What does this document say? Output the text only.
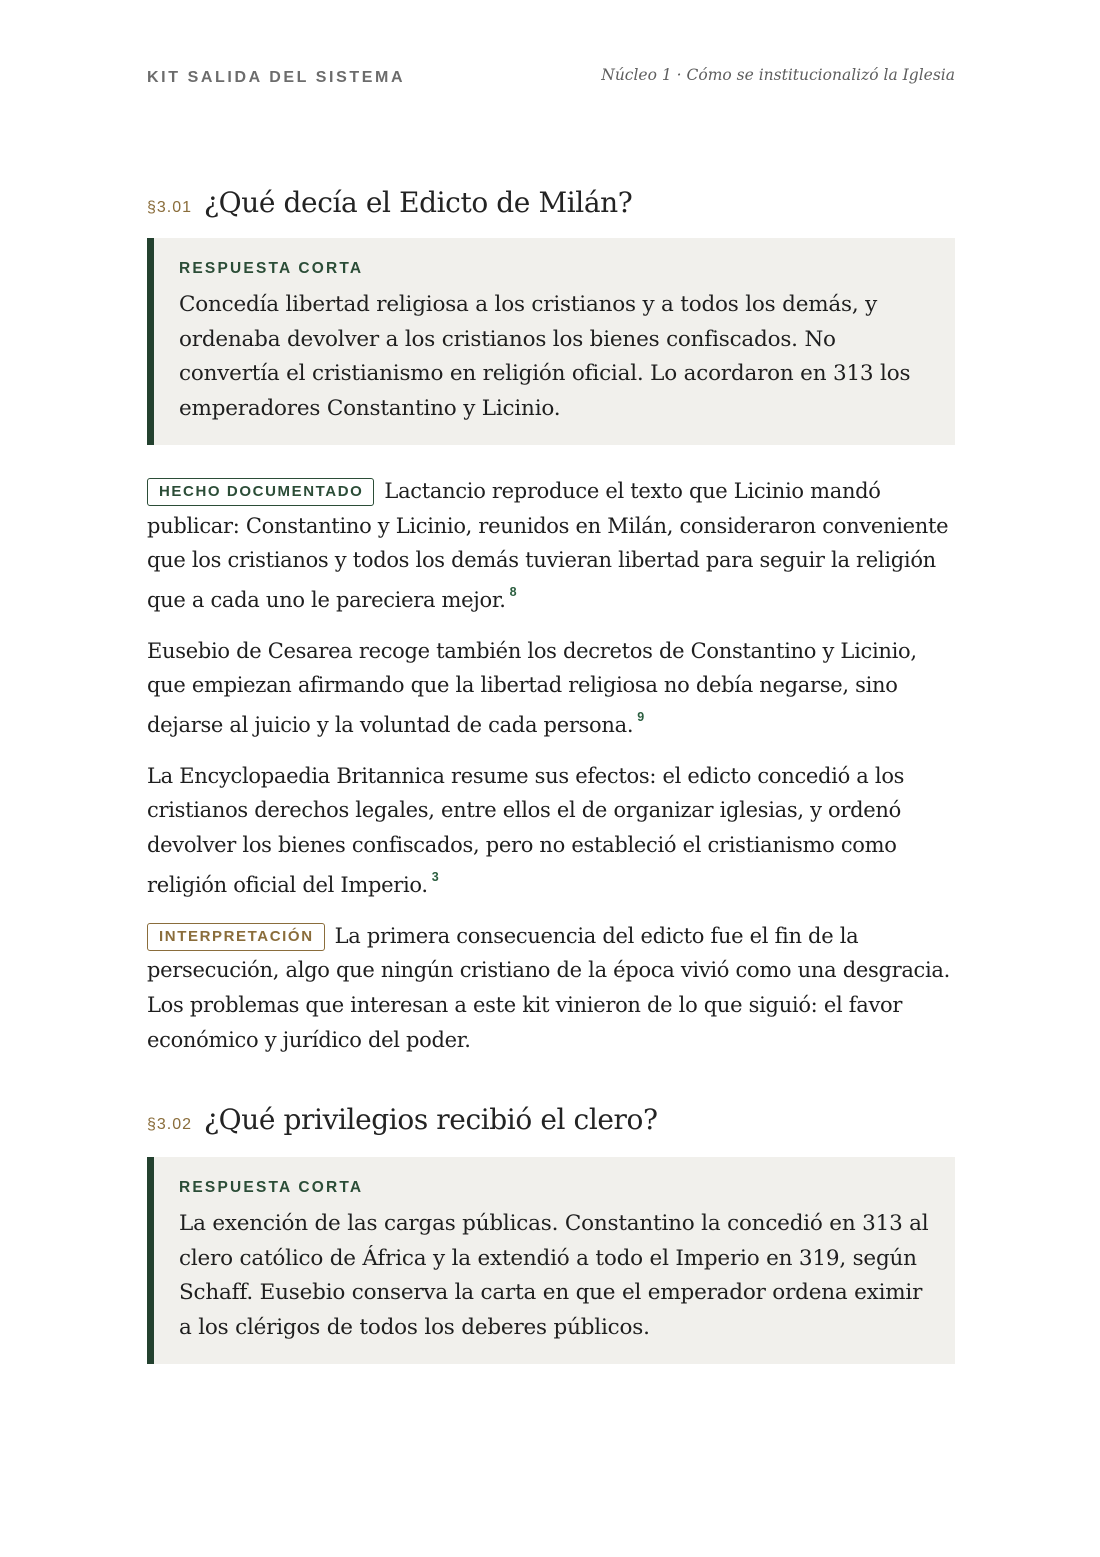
KIT SALIDA DEL SISTEMA	Núcleo 1 · Cómo se institucionalizó la Iglesia
§3.01 ¿Qué decía el Edicto de Milán?
RESPUESTA CORTA
Concedía libertad religiosa a los cristianos y a todos los demás, y ordenaba devolver a los cristianos los bienes confiscados. No convertía el cristianismo en religión oficial. Lo acordaron en 313 los emperadores Constantino y Licinio.

HECHO DOCUMENTADO Lactancio reproduce el texto que Licinio mandó publicar: Constantino y Licinio, reunidos en Milán, consideraron conveniente que los cristianos y todos los demás tuvieran libertad para seguir la religión que a cada uno le pareciera mejor. $^8$

Eusebio de Cesarea recoge también los decretos de Constantino y Licinio, que empiezan afirmando que la libertad religiosa no debía negarse, sino dejarse al juicio y la voluntad de cada persona. $^9$

La Encyclopaedia Britannica resume sus efectos: el edicto concedió a los cristianos derechos legales, entre ellos el de organizar iglesias, y ordenó devolver los bienes confiscados, pero no estableció el cristianismo como religión oficial del Imperio. $^3$

INTERPRETACIÓN La primera consecuencia del edicto fue el fin de la persecución, algo que ningún cristiano de la época vivió como una desgracia. Los problemas que interesan a este kit vinieron de lo que siguió: el favor económico y jurídico del poder.

§3.02 ¿Qué privilegios recibió el clero?
RESPUESTA CORTA
La exención de las cargas públicas. Constantino la concedió en 313 al clero católico de África y la extendió a todo el Imperio en 319, según Schaff. Eusebio conserva la carta en que el emperador ordena eximir a los clérigos de todos los deberes públicos.
